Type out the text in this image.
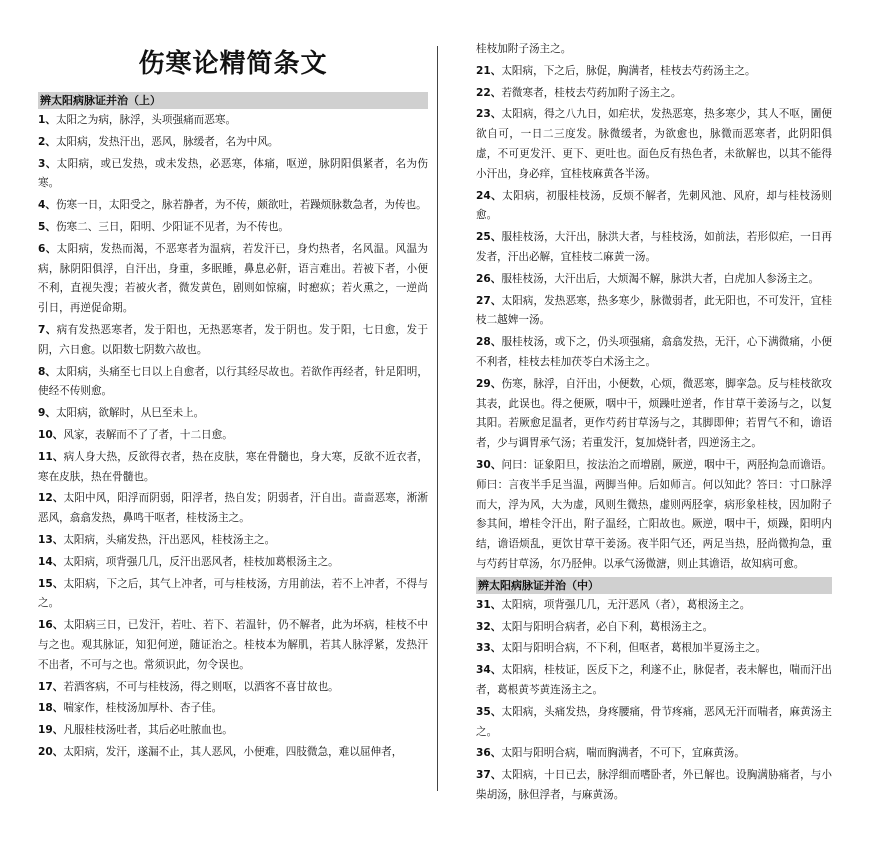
伤寒论精简条文
辨太阳病脉证并治（上）
1、太阳之为病，脉浮，头项强痛而恶寒。
2、太阳病，发热汗出，恶风，脉缓者，名为中风。
3、太阳病，或已发热，或未发热，必恶寒，体痛，呕逆，脉阴阳俱紧者，名为伤寒。
4、伤寒一日，太阳受之，脉若静者，为不传，颇欲吐，若躁烦脉数急者，为传也。
5、伤寒二、三日，阳明、少阳证不见者，为不传也。
6、太阳病，发热而渴，不恶寒者为温病，若发汗已，身灼热者，名风温。风温为病，脉阴阳俱浮，自汗出，身重，多眠睡，鼻息必鼾，语言难出。若被下者，小便不利，直视失溲；若被火者，微发黄色，剧则如惊痫，时瘛疭；若火熏之，一逆尚引日，再逆促命期。
7、病有发热恶寒者，发于阳也，无热恶寒者，发于阴也。发于阳，七日愈，发于阴，六日愈。以阳数七阴数六故也。
8、太阳病，头痛至七日以上自愈者，以行其经尽故也。若欲作再经者，针足阳明，使经不传则愈。
9、太阳病，欲解时，从巳至未上。
10、风家，表解而不了了者，十二日愈。
11、病人身大热，反欲得衣者，热在皮肤，寒在骨髓也，身大寒，反欲不近衣者，寒在皮肤，热在骨髓也。
12、太阳中风，阳浮而阴弱，阳浮者，热自发；阴弱者，汗自出。啬啬恶寒，淅淅恶风，翕翕发热，鼻鸣干呕者，桂枝汤主之。
13、太阳病，头痛发热，汗出恶风，桂枝汤主之。
14、太阳病，项背强几几，反汗出恶风者，桂枝加葛根汤主之。
15、太阳病，下之后，其气上冲者，可与桂枝汤，方用前法，若不上冲者，不得与之。
16、太阳病三日，已发汗，若吐、若下、若温针，仍不解者，此为坏病，桂枝不中与之也。观其脉证，知犯何逆，随证治之。桂枝本为解肌，若其人脉浮紧，发热汗不出者，不可与之也。常须识此，勿令误也。
17、若酒客病，不可与桂枝汤，得之则呕，以酒客不喜甘故也。
18、喘家作，桂枝汤加厚朴、杏子佳。
19、凡服桂枝汤吐者，其后必吐脓血也。
20、太阳病，发汗，遂漏不止，其人恶风，小便难，四肢微急，难以屈伸者，
桂枝加附子汤主之。
21、太阳病，下之后，脉促，胸满者，桂枝去芍药汤主之。
22、若微寒者，桂枝去芍药加附子汤主之。
23、太阳病，得之八九日，如疟状，发热恶寒，热多寒少，其人不呕，圊便欲自可，一日二三度发。脉微缓者，为欲愈也，脉微而恶寒者，此阴阳俱虚，不可更发汗、更下、更吐也。面色反有热色者，未欲解也，以其不能得小汗出，身必痒，宜桂枝麻黄各半汤。
24、太阳病，初服桂枝汤，反烦不解者，先刺风池、风府，却与桂枝汤则愈。
25、服桂枝汤，大汗出，脉洪大者，与桂枝汤，如前法，若形似疟，一日再发者，汗出必解，宜桂枝二麻黄一汤。
26、服桂枝汤，大汗出后，大烦渴不解，脉洪大者，白虎加人参汤主之。
27、太阳病，发热恶寒，热多寒少，脉微弱者，此无阳也，不可发汗，宜桂枝二越婢一汤。
28、服桂枝汤，或下之，仍头项强痛，翕翕发热，无汗，心下满微痛，小便不利者，桂枝去桂加茯苓白术汤主之。
29、伤寒，脉浮，自汗出，小便数，心烦，微恶寒，脚挛急。反与桂枝欲攻其表，此误也。得之便厥，咽中干，烦躁吐逆者，作甘草干姜汤与之，以复其阳。若厥愈足温者，更作芍药甘草汤与之，其脚即伸；若胃气不和，谵语者，少与调胃承气汤；若重发汗，复加烧针者，四逆汤主之。
30、问曰：证象阳旦，按法治之而增剧，厥逆，咽中干，两胫拘急而谵语。师曰：言夜半手足当温，两脚当伸。后如师言。何以知此？答曰：寸口脉浮而大，浮为风，大为虚，风则生微热，虚则两胫挛，病形象桂枝，因加附子参其间，增桂令汗出，附子温经，亡阳故也。厥逆，咽中干，烦躁，阳明内结，谵语烦乱，更饮甘草干姜汤。夜半阳气还，两足当热，胫尚微拘急，重与芍药甘草汤，尔乃胫伸。以承气汤微溏，则止其谵语，故知病可愈。
辨太阳病脉证并治（中）
31、太阳病，项背强几几，无汗恶风（者），葛根汤主之。
32、太阳与阳明合病者，必自下利，葛根汤主之。
33、太阳与阳明合病，不下利，但呕者，葛根加半夏汤主之。
34、太阳病，桂枝证，医反下之，利遂不止，脉促者，表未解也，喘而汗出者，葛根黄芩黄连汤主之。
35、太阳病，头痛发热，身疼腰痛，骨节疼痛，恶风无汗而喘者，麻黄汤主之。
36、太阳与阳明合病，喘而胸满者，不可下，宜麻黄汤。
37、太阳病，十日已去，脉浮细而嗜卧者，外已解也。设胸满胁痛者，与小柴胡汤，脉但浮者，与麻黄汤。
